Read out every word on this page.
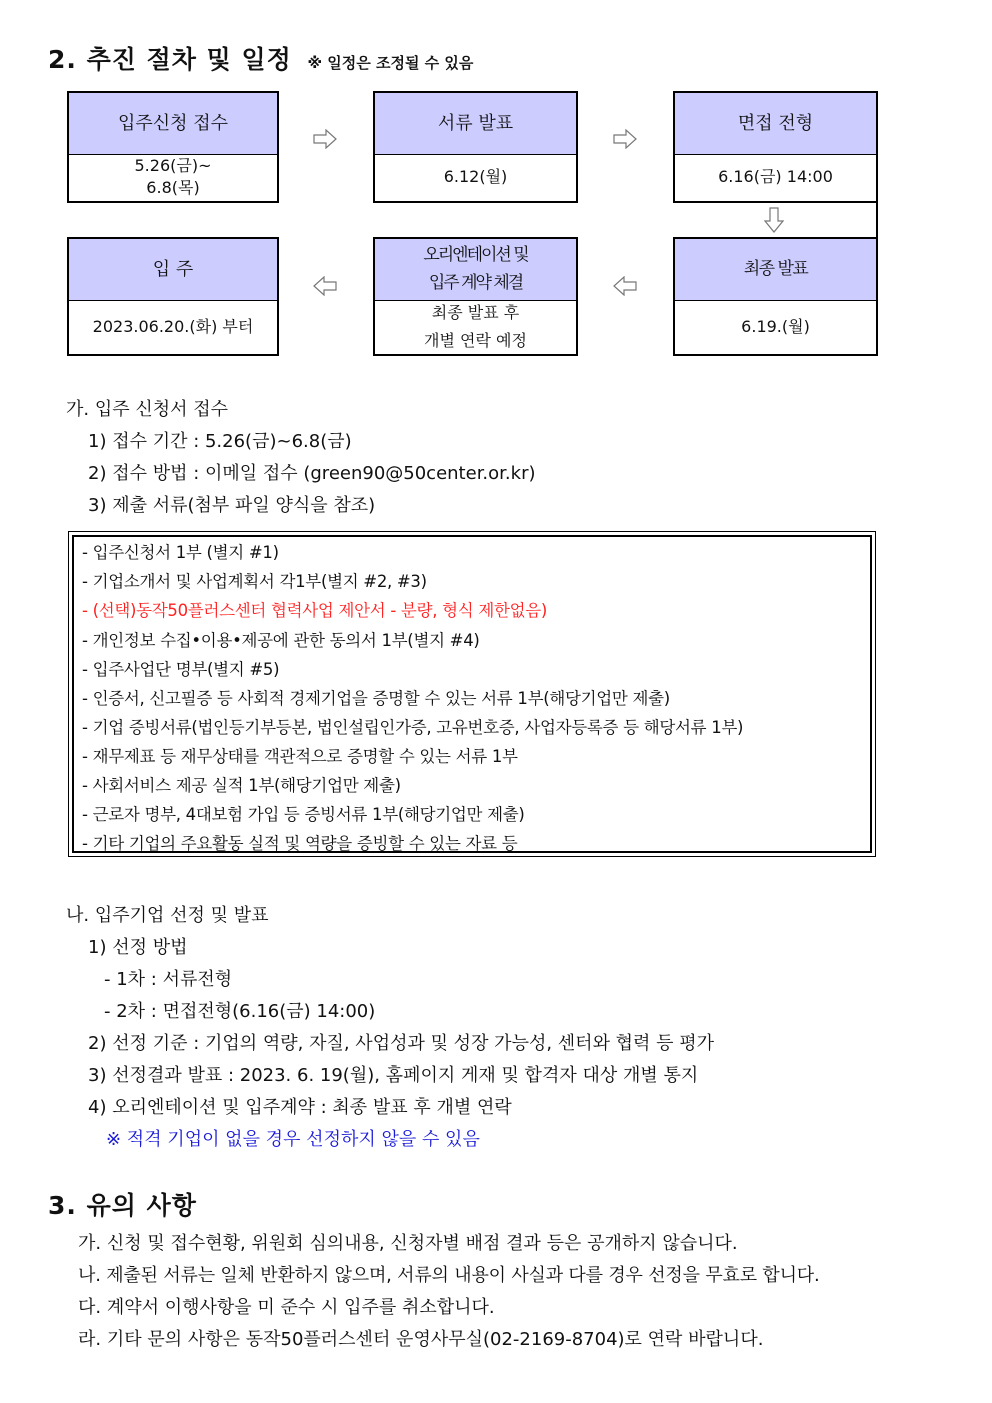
2. 추진 절차 및 일정 ※ 일정은 조정될 수 있음
입주신청 접수
5.26(금)~
6.8(목)
서류 발표
6.12(월)
면접 전형
6.16(금) 14:00
최종 발표
6.19.(월)
오리엔테이션 및
입주 계약 체결
최종 발표 후
개별 연락 예정
입 주
2023.06.20.(화) 부터
가. 입주 신청서 접수
1) 접수 기간 : 5.26(금)~6.8(금)
2) 접수 방법 : 이메일 접수 (green90@50center.or.kr)
3) 제출 서류(첨부 파일 양식을 참조)
- 입주신청서 1부 (별지 #1)
- 기업소개서 및 사업계획서 각1부(별지 #2, #3)
- (선택)동작50플러스센터 협력사업 제안서 - 분량, 형식 제한없음)
- 개인정보 수집•이용•제공에 관한 동의서 1부(별지 #4)
- 입주사업단 명부(별지 #5)
- 인증서, 신고필증 등 사회적 경제기업을 증명할 수 있는 서류 1부(해당기업만 제출)
- 기업 증빙서류(법인등기부등본, 법인설립인가증, 고유번호증, 사업자등록증 등 해당서류 1부)
- 재무제표 등 재무상태를 객관적으로 증명할 수 있는 서류 1부
- 사회서비스 제공 실적 1부(해당기업만 제출)
- 근로자 명부, 4대보험 가입 등 증빙서류 1부(해당기업만 제출)
- 기타 기업의 주요활동 실적 및 역량을 증빙할 수 있는 자료 등
나. 입주기업 선정 및 발표
1) 선정 방법
- 1차 : 서류전형
- 2차 : 면접전형(6.16(금) 14:00)
2) 선정 기준 : 기업의 역량, 자질, 사업성과 및 성장 가능성, 센터와 협력 등 평가
3) 선정결과 발표 : 2023. 6. 19(월), 홈페이지 게재 및 합격자 대상 개별 통지
4) 오리엔테이션 및 입주계약 : 최종 발표 후 개별 연락
※ 적격 기업이 없을 경우 선정하지 않을 수 있음
3. 유의 사항
가. 신청 및 접수현황, 위원회 심의내용, 신청자별 배점 결과 등은 공개하지 않습니다.
나. 제출된 서류는 일체 반환하지 않으며, 서류의 내용이 사실과 다를 경우 선정을 무효로 합니다.
다. 계약서 이행사항을 미 준수 시 입주를 취소합니다.
라. 기타 문의 사항은 동작50플러스센터 운영사무실(02-2169-8704)로 연락 바랍니다.
